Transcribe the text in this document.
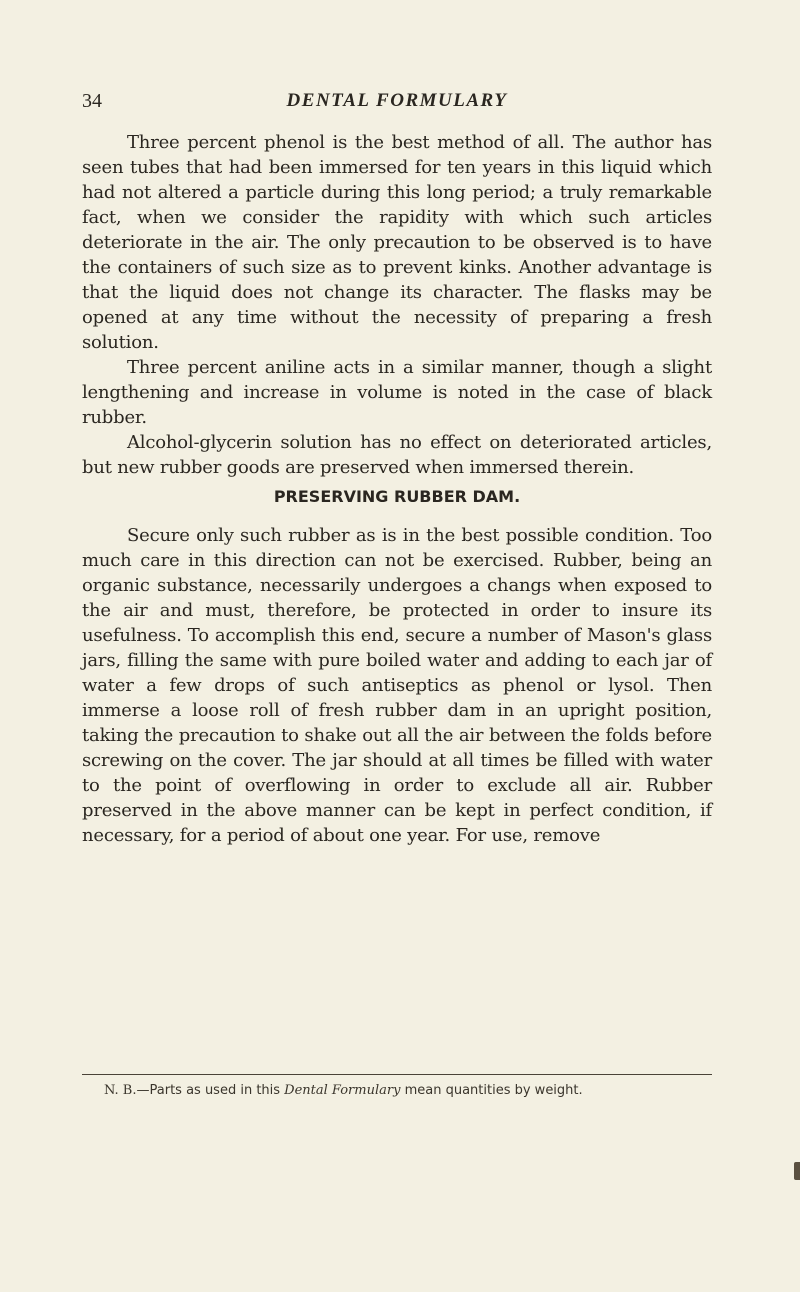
34	DENTAL FORMULARY

Three percent phenol is the best method of all. The author has seen tubes that had been immersed for ten years in this liquid which had not altered a particle during this long period; a truly remarkable fact, when we consider the rapidity with which such articles deteriorate in the air. The only precaution to be observed is to have the containers of such size as to prevent kinks. Another advantage is that the liquid does not change its character. The flasks may be opened at any time without the necessity of preparing a fresh solution.

Three percent aniline acts in a similar manner, though a slight lengthening and increase in volume is noted in the case of black rubber.

Alcohol-glycerin solution has no effect on deteriorated articles, but new rubber goods are preserved when immersed therein.

PRESERVING RUBBER DAM.

Secure only such rubber as is in the best possible condition. Too much care in this direction can not be exercised. Rubber, being an organic substance, necessarily undergoes a changs when exposed to the air and must, therefore, be protected in order to insure its usefulness. To accomplish this end, secure a number of Mason's glass jars, filling the same with pure boiled water and adding to each jar of water a few drops of such antiseptics as phenol or lysol. Then immerse a loose roll of fresh rubber dam in an upright position, taking the precaution to shake out all the air between the folds before screwing on the cover. The jar should at all times be filled with water to the point of overflowing in order to exclude all air. Rubber preserved in the above manner can be kept in perfect condition, if necessary, for a period of about one year. For use, remove

N. B.—Parts as used in this Dental Formulary mean quantities by weight.
